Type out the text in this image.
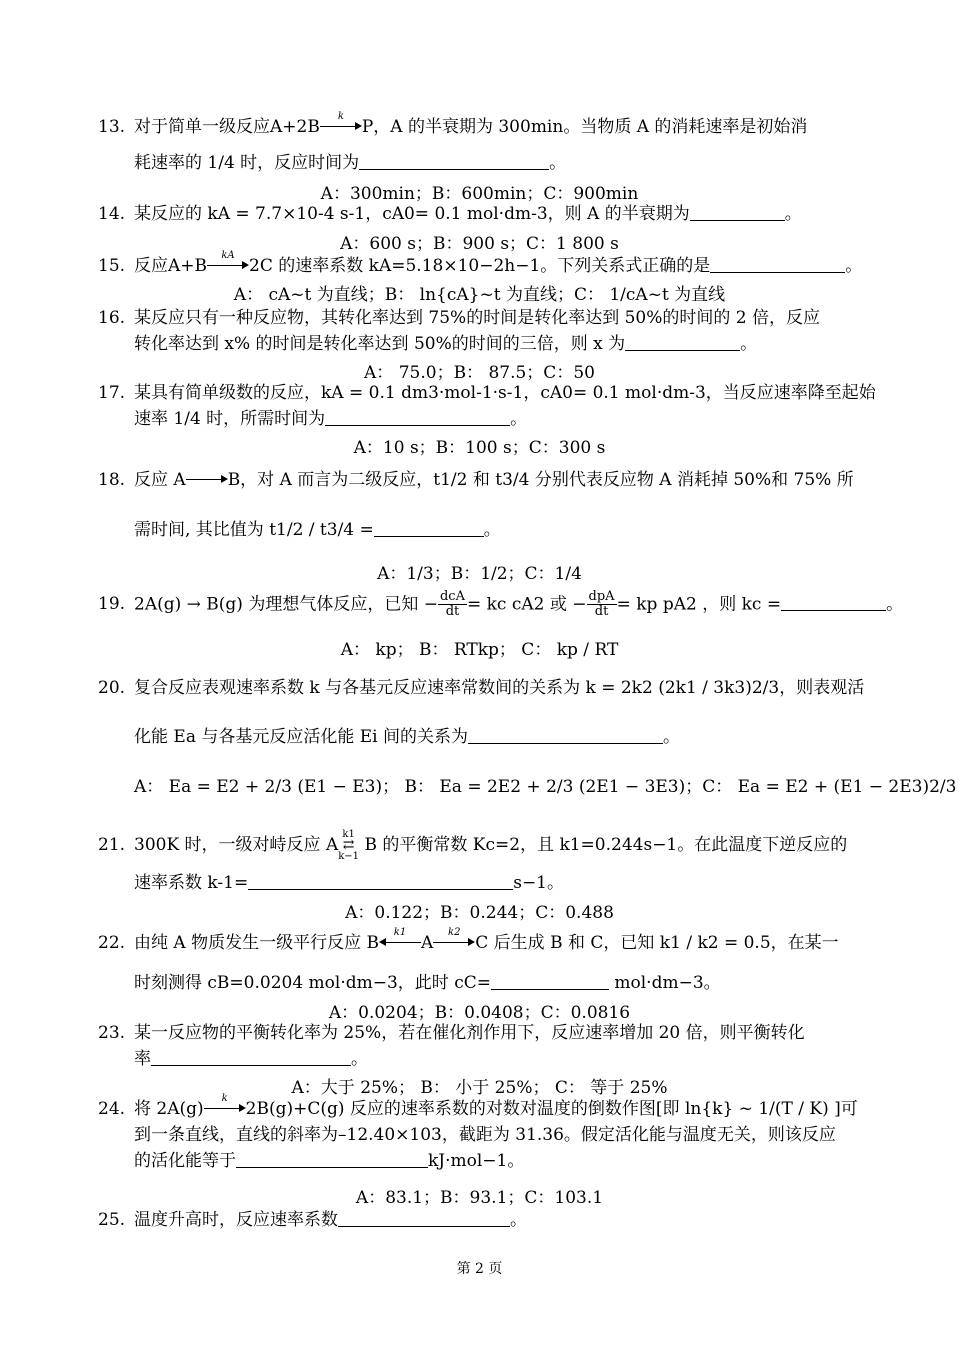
13. 对于简单一级反应A+2B
k
P，A 的半衰期为 300min。当物质 A 的消耗速率是初始消
耗速率的 1/4 时，反应时间为	。
A：300min；B：600min；C：900min
14. 某反应的 kA = 7.7×10-4 s-1，cA0= 0.1 mol·dm-3，则 A 的半衰期为	。
A：600 s；B：900 s；C：1 800 s
15. 反应A+B
kA
2C 的速率系数 kA=5.18×10−2h−1。下列关系式正确的是	。
A： cA~t 为直线；B： ln{cA}~t 为直线；C： 1/cA~t 为直线
16. 某反应只有一种反应物，其转化率达到 75%的时间是转化率达到 50%的时间的 2 倍，反应
转化率达到 x% 的时间是转化率达到 50%的时间的三倍，则 x 为	。
A： 75.0；B： 87.5；C：50
17. 某具有简单级数的反应，kA = 0.1 dm3·mol-1·s-1，cA0= 0.1 mol·dm-3，当反应速率降至起始
速率 1/4 时，所需时间为	。
A：10 s；B：100 s；C：300 s
18. 反应 A B，对 A 而言为二级反应，t1/2 和 t3/4 分别代表反应物 A 消耗掉 50%和 75% 所
需时间, 其比值为 t1/2 / t3/4 =	。
A：1/3；B：1/2；C：1/4
19. 2A(g) → B(g) 为理想气体反应，已知 − $\frac{\text{dcA}}{dt}$ = kc cA2 或 − $\frac{\text{dpA}}{dt}$ = kp pA2 ，则 kc =	。
A： kp； B： RTkp； C： kp / RT
20. 复合反应表观速率系数 k 与各基元反应速率常数间的关系为 k = 2k2 (2k1 / 3k3)2/3，则表观活
化能 Ea 与各基元反应活化能 Ei 间的关系为	。
A： Ea = E2 + 2/3 (E1 − E3)； B： Ea = 2E2 + 2/3 (2E1 − 3E3)；C： Ea = E2 + (E1 − 2E3)2/3
21. 300K 时，一级对峙反应 A
k1
⇄
k−1
B 的平衡常数 Kc=2，且 k1=0.244s−1。在此温度下逆反应的
速率系数 k-1=	s−1。
A：0.122；B：0.244；C：0.488
22. 由纯 A 物质发生一级平行反应 B
k1
A
k2
C 后生成 B 和 C，已知 k1 / k2 = 0.5，在某一
时刻测得 cB=0.0204 mol·dm−3，此时 cC=	mol·dm−3。
A：0.0204；B：0.0408；C：0.0816
23. 某一反应物的平衡转化率为 25%，若在催化剂作用下，反应速率增加 20 倍，则平衡转化
率	。
A：大于 25%； B： 小于 25%； C： 等于 25%
24. 将 2A(g)
k
2B(g)+C(g) 反应的速率系数的对数对温度的倒数作图[即 ln{k} ~ 1/(T / K) ]可
到一条直线，直线的斜率为–12.40×103，截距为 31.36。假定活化能与温度无关，则该反应
的活化能等于	kJ·mol−1。
A：83.1；B：93.1；C：103.1
25. 温度升高时，反应速率系数	。
第 2 页
